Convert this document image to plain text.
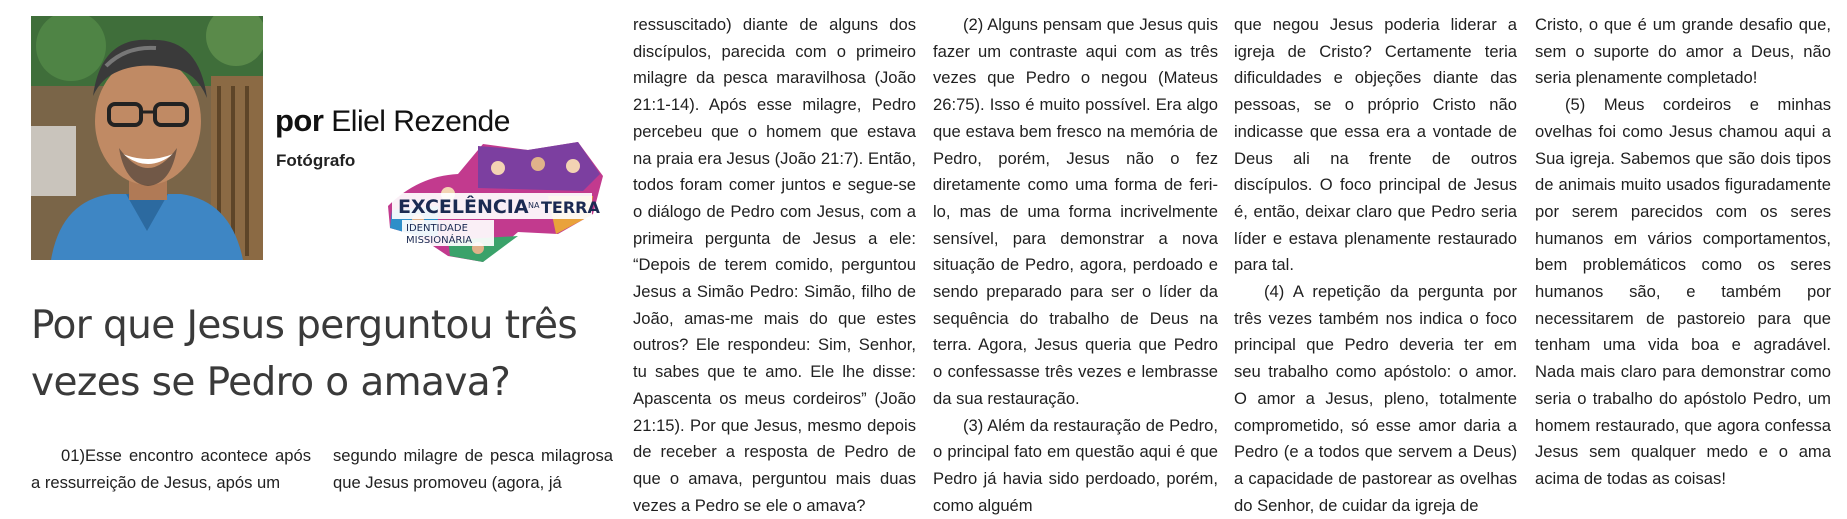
por Eliel Rezende
Fotógrafo
EXCELÊNCIA NA TERRA
IDENTIDADE
MISSIONÁRIA
Por que Jesus perguntou três
vezes se Pedro o amava?

01)Esse encontro acontece após a ressurreição de Jesus, após um

segundo milagre de pesca milagrosa que Jesus promoveu (agora, já

ressuscitado) diante de alguns dos discípulos, parecida com o primeiro milagre da pesca maravilhosa (João 21:1-14). Após esse milagre, Pedro percebeu que o homem que estava na praia era Jesus (João 21:7). Então, todos foram comer juntos e segue-se o diálogo de Pedro com Jesus, com a primeira pergunta de Jesus a ele: “Depois de terem comido, perguntou Jesus a Simão Pedro: Simão, filho de João, amas-me mais do que estes outros? Ele respondeu: Sim, Senhor, tu sabes que te amo. Ele lhe disse: Apascenta os meus cordeiros” (João 21:15). Por que Jesus, mesmo depois de receber a resposta de Pedro de que o amava, perguntou mais duas vezes a Pedro se ele o amava?

(2) Alguns pensam que Jesus quis fazer um contraste aqui com as três vezes que Pedro o negou (Mateus 26:75). Isso é muito possível. Era algo que estava bem fresco na memória de Pedro, porém, Jesus não o fez diretamente como uma forma de feri-lo, mas de uma forma incrivelmente sensível, para demonstrar a nova situação de Pedro, agora, perdoado e sendo preparado para ser o líder da sequência do trabalho de Deus na terra. Agora, Jesus queria que Pedro o confessasse três vezes e lembrasse da sua restauração.

(3) Além da restauração de Pedro, o principal fato em questão aqui é que Pedro já havia sido perdoado, porém, como alguém

que negou Jesus poderia liderar a igreja de Cristo? Certamente teria dificuldades e objeções diante das pessoas, se o próprio Cristo não indicasse que essa era a vontade de Deus ali na frente de outros discípulos. O foco principal de Jesus é, então, deixar claro que Pedro seria líder e estava plenamente restaurado para tal.

(4) A repetição da pergunta por três vezes também nos indica o foco principal que Pedro deveria ter em seu trabalho como apóstolo: o amor. O amor a Jesus, pleno, totalmente comprometido, só esse amor daria a Pedro (e a todos que servem a Deus) a capacidade de pastorear as ovelhas do Senhor, de cuidar da igreja de

Cristo, o que é um grande desafio que, sem o suporte do amor a Deus, não seria plenamente completado!

(5) Meus cordeiros e minhas ovelhas foi como Jesus chamou aqui a Sua igreja. Sabemos que são dois tipos de animais muito usados figuradamente por serem parecidos com os seres humanos em vários comportamentos, bem problemáticos como os seres humanos são, e também por necessitarem de pastoreio para que tenham uma vida boa e agradável. Nada mais claro para demonstrar como seria o trabalho do apóstolo Pedro, um homem restaurado, que agora confessa Jesus sem qualquer medo e o ama acima de todas as coisas!
